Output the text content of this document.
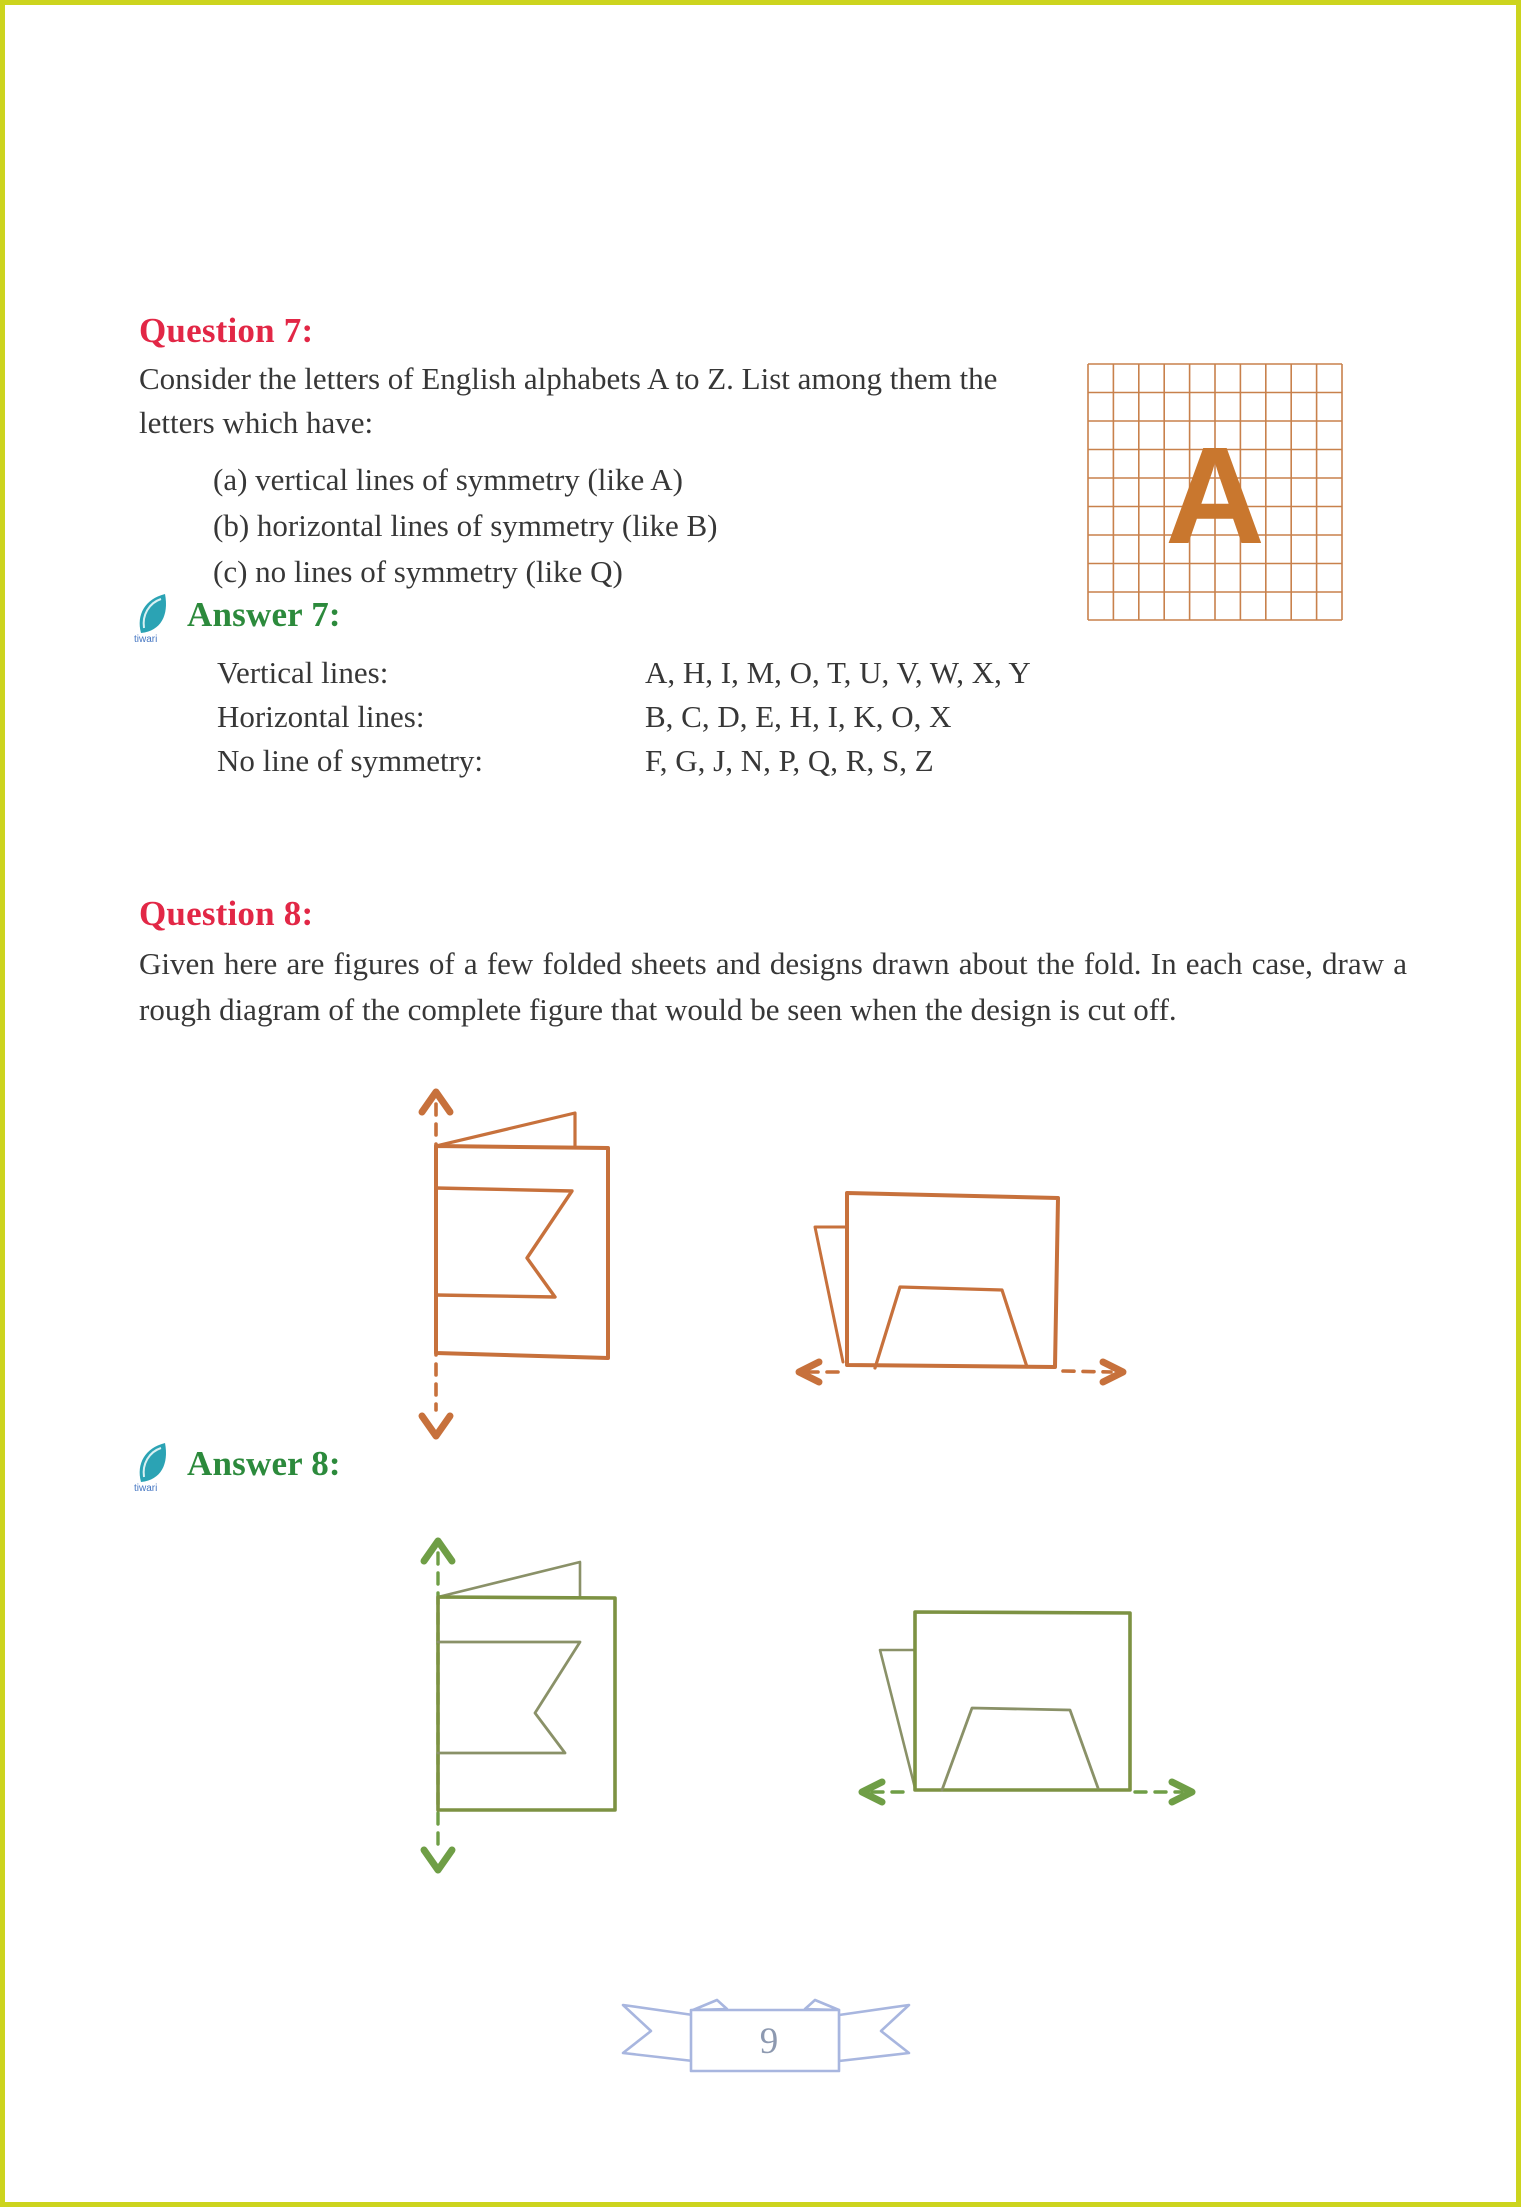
Question 7:
Consider the letters of English alphabets A to Z. List among them the letters which have:
(a) vertical lines of symmetry (like A)
(b) horizontal lines of symmetry (like B)
(c) no lines of symmetry (like Q)	A
tiwari
Answer 7:
Vertical lines:	A, H, I, M, O, T, U, V, W, X, Y
Horizontal lines:	B, C, D, E, H, I, K, O, X
No line of symmetry:	F, G, J, N, P, Q, R, S, Z
Question 8:
Given here are figures of a few folded sheets and designs drawn about the fold. In each case, draw a rough diagram of the complete figure that would be seen when the design is cut off.
tiwari
Answer 8:
9
